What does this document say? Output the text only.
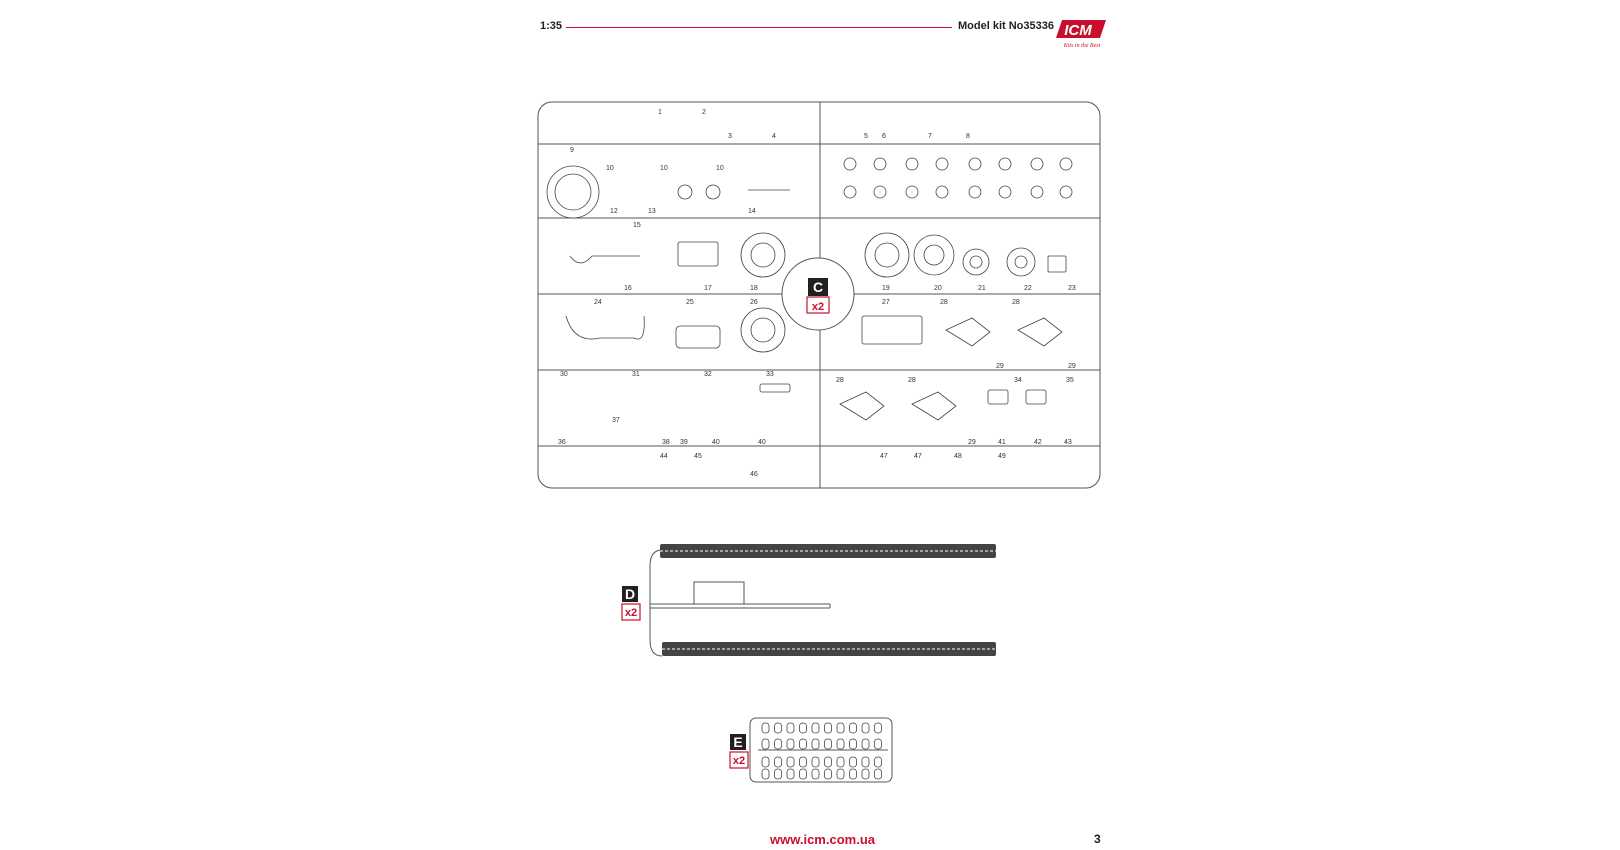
1:35	Model kit No35336 ICM
Kits in the Best
1	2
3	4	5 6	7	8
9
10	10	10
12	13	14
15
16	17	18	19	20	21	22	23
24	25	26	27	28	28
28	28
29	29
29
30	31	32	33
34	35
36
37
38 39	40	40	41	42	43
44	45
46
47	47	48	49
C
x2
D
x2
E
x2
www.icm.com.ua	3
